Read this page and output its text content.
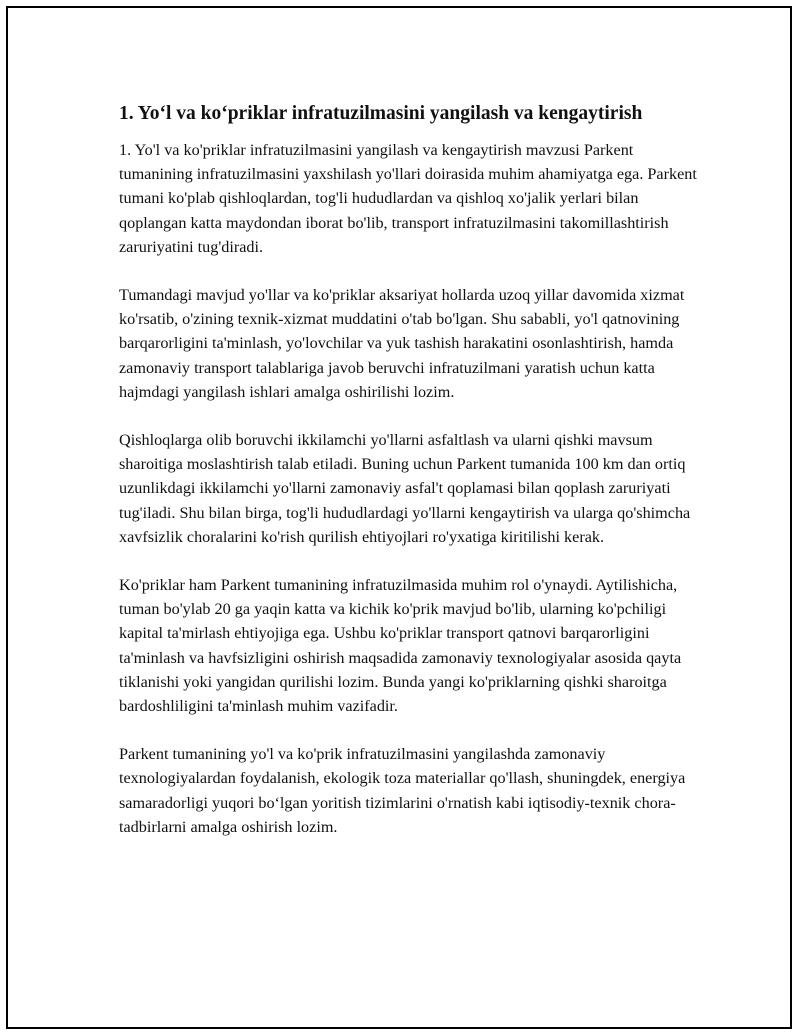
1. Yo‘l va ko‘priklar infratuzilmasini yangilash va kengaytirish

1. Yo'l va ko'priklar infratuzilmasini yangilash va kengaytirish mavzusi Parkent tumanining infratuzilmasini yaxshilash yo'llari doirasida muhim ahamiyatga ega. Parkent tumani ko'plab qishloqlardan, tog'li hududlardan va qishloq xo'jalik yerlari bilan qoplangan katta maydondan iborat bo'lib, transport infratuzilmasini takomillashtirish zaruriyatini tug'diradi.

Tumandagi mavjud yo'llar va ko'priklar aksariyat hollarda uzoq yillar davomida xizmat ko'rsatib, o'zining texnik-xizmat muddatini o'tab bo'lgan. Shu sababli, yo'l qatnovining barqarorligini ta'minlash, yo'lovchilar va yuk tashish harakatini osonlashtirish, hamda zamonaviy transport talablariga javob beruvchi infratuzilmani yaratish uchun katta hajmdagi yangilash ishlari amalga oshirilishi lozim.

Qishloqlarga olib boruvchi ikkilamchi yo'llarni asfaltlash va ularni qishki mavsum sharoitiga moslashtirish talab etiladi. Buning uchun Parkent tumanida 100 km dan ortiq uzunlikdagi ikkilamchi yo'llarni zamonaviy asfal't qoplamasi bilan qoplash zaruriyati tug'iladi. Shu bilan birga, tog'li hududlardagi yo'llarni kengaytirish va ularga qo'shimcha xavfsizlik choralarini ko'rish qurilish ehtiyojlari ro'yxatiga kiritilishi kerak.

Ko'priklar ham Parkent tumanining infratuzilmasida muhim rol o'ynaydi. Aytilishicha, tuman bo'ylab 20 ga yaqin katta va kichik ko'prik mavjud bo'lib, ularning ko'pchiligi kapital ta'mirlash ehtiyojiga ega. Ushbu ko'priklar transport qatnovi barqarorligini ta'minlash va havfsizligini oshirish maqsadida zamonaviy texnologiyalar asosida qayta tiklanishi yoki yangidan qurilishi lozim. Bunda yangi ko'priklarning qishki sharoitga bardoshliligini ta'minlash muhim vazifadir.

Parkent tumanining yo'l va ko'prik infratuzilmasini yangilashda zamonaviy texnologiyalardan foydalanish, ekologik toza materiallar qo'llash, shuningdek, energiya samaradorligi yuqori bo‘lgan yoritish tizimlarini o'rnatish kabi iqtisodiy-texnik chora-tadbirlarni amalga oshirish lozim.
